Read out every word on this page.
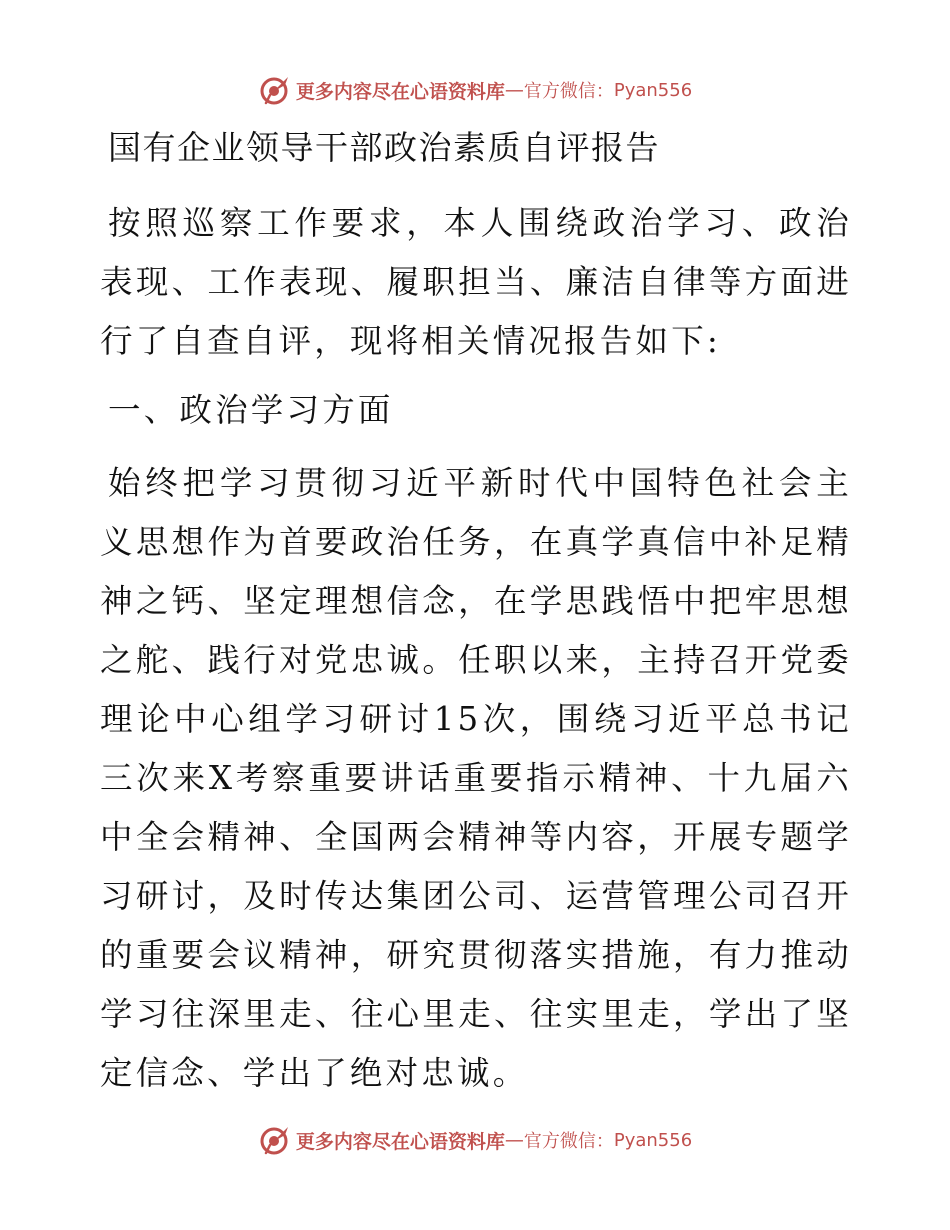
更多内容尽在心语资料库 — 官方微信： Pyan556
国有企业领导干部政治素质自评报告

按照巡察工作要求，本人围绕政治学习、政治表现、工作表现、履职担当、廉洁自律等方面进行了自查自评，现将相关情况报告如下:

一、政治学习方面

始终把学习贯彻习近平新时代中国特色社会主义思想作为首要政治任务，在真学真信中补足精神之钙、坚定理想信念，在学思践悟中把牢思想之舵、践行对党忠诚。任职以来，主持召开党委理论中心组学习研讨15次，围绕习近平总书记三次来X考察重要讲话重要指示精神、十九届六中全会精神、全国两会精神等内容，开展专题学习研讨，及时传达集团公司、运营管理公司召开的重要会议精神，研究贯彻落实措施，有力推动学习往深里走、往心里走、往实里走，学出了坚定信念、学出了绝对忠诚。

更多内容尽在心语资料库 — 官方微信： Pyan556
